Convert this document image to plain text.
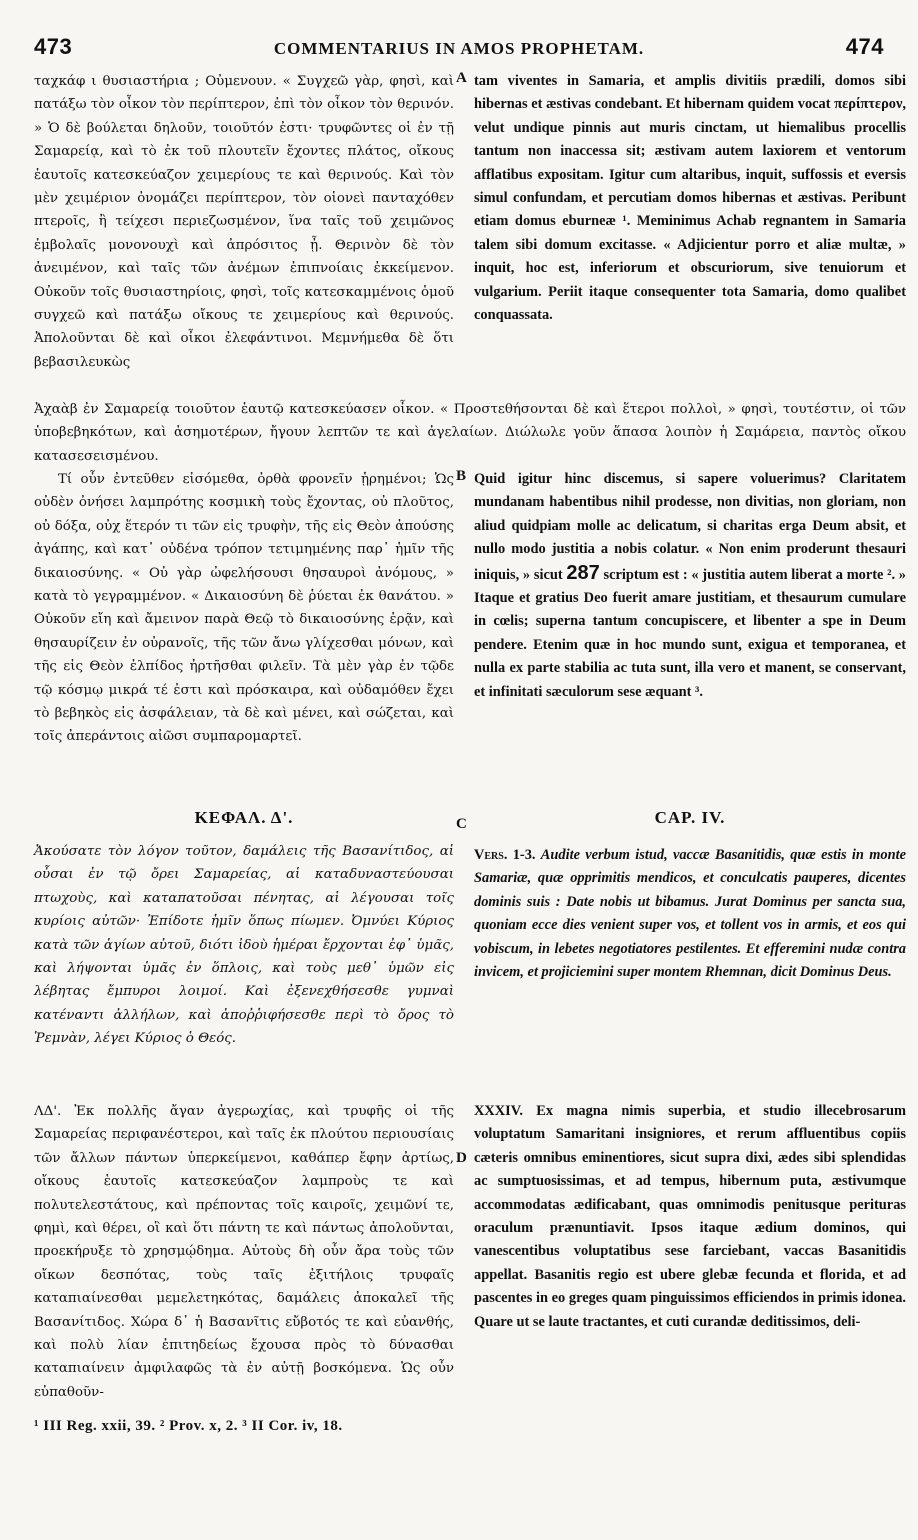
473	COMMENTARIUS IN AMOS PROPHETAM.	474

ταχκάφ ι θυσιαστήρια ; Οὐμενουν. « Συγχεῶ γὰρ, φησὶ, καὶ πατάξω τὸν οἶκον τὸν περίπτερον, ἐπὶ τὸν οἶκον τὸν θερινόν. » Ὁ δὲ βούλεται δηλοῦν, τοιοῦτόν ἐστι· τρυφῶντες οἱ ἐν τῇ Σαμαρείᾳ, καὶ τὸ ἐκ τοῦ πλουτεῖν ἔχοντες πλάτος, οἴκους ἑαυτοῖς κατεσκεύαζον χειμερίους τε καὶ θερινούς. Καὶ τὸν μὲν χειμέριον ὀνομάζει περίπτερον, τὸν οἱονεὶ πανταχόθεν πτεροῖς, ἢ τείχεσι περιεζωσμένον, ἵνα ταῖς τοῦ χειμῶνος ἐμβολαῖς μονονουχὶ καὶ ἀπρόσιτος ᾖ. Θερινὸν δὲ τὸν ἀνειμένον, καὶ ταῖς τῶν ἀνέμων ἐπιπνοίαις ἐκκείμενον. Οὐκοῦν τοῖς θυσιαστηρίοις, φησὶ, τοῖς κατεσκαμμένοις ὁμοῦ συγχεῶ καὶ πατάξω οἴκους τε χειμερίους καὶ θερινούς. Ἀπολοῦνται δὲ καὶ οἶκοι ἐλεφάντινοι. Μεμνήμεθα δὲ ὅτι βεβασιλευκὼς

A tam viventes in Samaria, et amplis divitiis prædili, domos sibi hibernas et æstivas condebant. Et hibernam quidem vocat περίπτερον, velut undique pinnis aut muris cinctam, ut hiemalibus procellis tantum non inaccessa sit; æstivam autem laxiorem et ventorum afflatibus expositam. Igitur cum altaribus, inquit, suffossis et eversis simul confundam, et percutiam domos hibernas et æstivas. Peribunt etiam domus eburneæ ¹. Meminimus Achab regnantem in Samaria talem sibi domum excitasse. « Adjicientur porro et aliæ multæ, » inquit, hoc est, inferiorum et obscuriorum, sive tenuiorum et vulgarium. Periit itaque consequenter tota Samaria, domo qualibet conquassata.

Ἀχαὰβ ἐν Σαμαρείᾳ τοιοῦτον ἑαυτῷ κατεσκεύασεν οἶκον. « Προστεθήσονται δὲ καὶ ἕτεροι πολλοὶ, » φησὶ, τουτέστιν, οἱ τῶν ὑποβεβηκότων, καὶ ἀσημοτέρων, ἤγουν λεπτῶν τε καὶ ἀγελαίων. Διώλωλε γοῦν ἅπασα λοιπὸν ἡ Σαμάρεια, παντὸς οἴκου κατασεσεισμένου.

Τί οὖν ἐντεῦθεν εἰσόμεθα, ὀρθὰ φρονεῖν ᾑρημένοι; Ὡς οὐδὲν ὀνήσει λαμπρότης κοσμικὴ τοὺς ἔχοντας, οὐ πλοῦτος, οὐ δόξα, οὐχ ἕτερόν τι τῶν εἰς τρυφὴν, τῆς εἰς Θεὸν ἀπούσης ἀγάπης, καὶ κατ᾽ οὐδένα τρόπον τετιμημένης παρ᾽ ἡμῖν τῆς δικαιοσύνης. « Οὐ γὰρ ὠφελήσουσι θησαυροὶ ἀνόμους, » κατὰ τὸ γεγραμμένον. « Δικαιοσύνη δὲ ῥύεται ἐκ θανάτου. » Οὐκοῦν εἴη καὶ ἄμεινον παρὰ Θεῷ τὸ δικαιοσύνης ἐρᾷν, καὶ θησαυρίζειν ἐν οὐρανοῖς, τῆς τῶν ἄνω γλίχεσθαι μόνων, καὶ τῆς εἰς Θεὸν ἐλπίδος ἠρτῆσθαι φιλεῖν. Τὰ μὲν γὰρ ἐν τῷδε τῷ κόσμῳ μικρά τέ ἐστι καὶ πρόσκαιρα, καὶ οὐδαμόθεν ἔχει τὸ βεβηκὸς εἰς ἀσφάλειαν, τὰ δὲ καὶ μένει, καὶ σώζεται, καὶ τοῖς ἀπεράντοις αἰῶσι συμπαρομαρτεῖ.

B Quid igitur hinc discemus, si sapere voluerimus? Claritatem mundanam habentibus nihil prodesse, non divitias, non gloriam, non aliud quidpiam molle ac delicatum, si charitas erga Deum absit, et nullo modo justitia a nobis colatur. « Non enim proderunt thesauri iniquis, » sicut 287 scriptum est : « justitia autem liberat a morte ². » Itaque et gratius Deo fuerit amare justitiam, et thesaurum cumulare in cœlis; superna tantum concupiscere, et libenter a spe in Deum pendere. Etenim quæ in hoc mundo sunt, exigua et temporanea, et nulla ex parte stabilia ac tuta sunt, illa vero et manent, se conservant, et infinitati sæculorum sese æquant ³.

ΚΕΦΑΛ. Δ'.	C	CAP. IV.

Ἀκούσατε τὸν λόγον τοῦτον, δαμάλεις τῆς Βασανίτιδος, αἱ οὖσαι ἐν τῷ ὄρει Σαμαρείας, αἱ καταδυναστεύουσαι πτωχοὺς, καὶ καταπατοῦσαι πένητας, αἱ λέγουσαι τοῖς κυρίοις αὐτῶν· Ἐπίδοτε ἡμῖν ὅπως πίωμεν. Ὀμνύει Κύριος κατὰ τῶν ἁγίων αὐτοῦ, διότι ἰδοὺ ἡμέραι ἔρχονται ἐφ᾽ ὑμᾶς, καὶ λήψονται ὑμᾶς ἐν ὅπλοις, καὶ τοὺς μεθ᾽ ὑμῶν εἰς λέβητας ἔμπυροι λοιμοί. Καὶ ἐξενεχθήσεσθε γυμναὶ κατέναντι ἀλλήλων, καὶ ἀποῤῥιφήσεσθε περὶ τὸ ὄρος τὸ Ῥεμνὰν, λέγει Κύριος ὁ Θεός.

Vers. 1-3. Audite verbum istud, vaccæ Basanitidis, quæ estis in monte Samariæ, quæ opprimitis mendicos, et conculcatis pauperes, dicentes dominis suis : Date nobis ut bibamus. Jurat Dominus per sancta sua, quoniam ecce dies venient super vos, et tollent vos in armis, et eos qui vobiscum, in lebetes negotiatores pestilentes. Et efferemini nudæ contra invicem, et projiciemini super montem Rhemnan, dicit Dominus Deus.

ΛΔ'. Ἐκ πολλῆς ἄγαν ἀγερωχίας, καὶ τρυφῆς οἱ τῆς Σαμαρείας περιφανέστεροι, καὶ ταῖς ἐκ πλούτου περιουσίαις τῶν ἄλλων πάντων ὑπερκείμενοι, καθάπερ ἔφην ἀρτίως, οἴκους ἑαυτοῖς κατεσκεύαζον λαμπροὺς τε καὶ πολυτελεστάτους, καὶ πρέποντας τοῖς καιροῖς, χειμῶνί τε, φημὶ, καὶ θέρει, οἳ καὶ ὅτι πάντη τε καὶ πάντως ἀπολοῦνται, προεκήρυξε τὸ χρησμῴδημα. Αὐτοὺς δὴ οὖν ἄρα τοὺς τῶν οἴκων δεσπότας, τοὺς ταῖς ἐξιτήλοις τρυφαῖς καταπιαίνεσθαι μεμελετηκότας, δαμάλεις ἀποκαλεῖ τῆς Βασανίτιδος. Χώρα δ᾽ ἡ Βασανῖτις εὔβοτός τε καὶ εὐανθής, καὶ πολὺ λίαν ἐπιτηδείως ἔχουσα πρὸς τὸ δύνασθαι καταπιαίνειν ἀμφιλαφῶς τὰ ἐν αὐτῇ βοσκόμενα. Ὡς οὖν εὐπαθοῦν-

D

XXXIV. Ex magna nimis superbia, et studio illecebrosarum voluptatum Samaritani insigniores, et rerum affluentibus copiis cæteris omnibus eminentiores, sicut supra dixi, ædes sibi splendidas ac sumptuosissimas, et ad tempus, hibernum puta, æstivumque accommodatas ædificabant, quas omnimodis penitusque perituras oraculum prænuntiavit. Ipsos itaque ædium dominos, qui vanescentibus voluptatibus sese farciebant, vaccas Basanitidis appellat. Basanitis regio est ubere glebæ fecunda et florida, et ad pascentes in eo greges quam pinguissimos efficiendos in primis idonea. Quare ut se laute tractantes, et cuti curandæ deditissimos, deli-

¹ III Reg. xxii, 39. ² Prov. x, 2. ³ II Cor. iv, 18.
